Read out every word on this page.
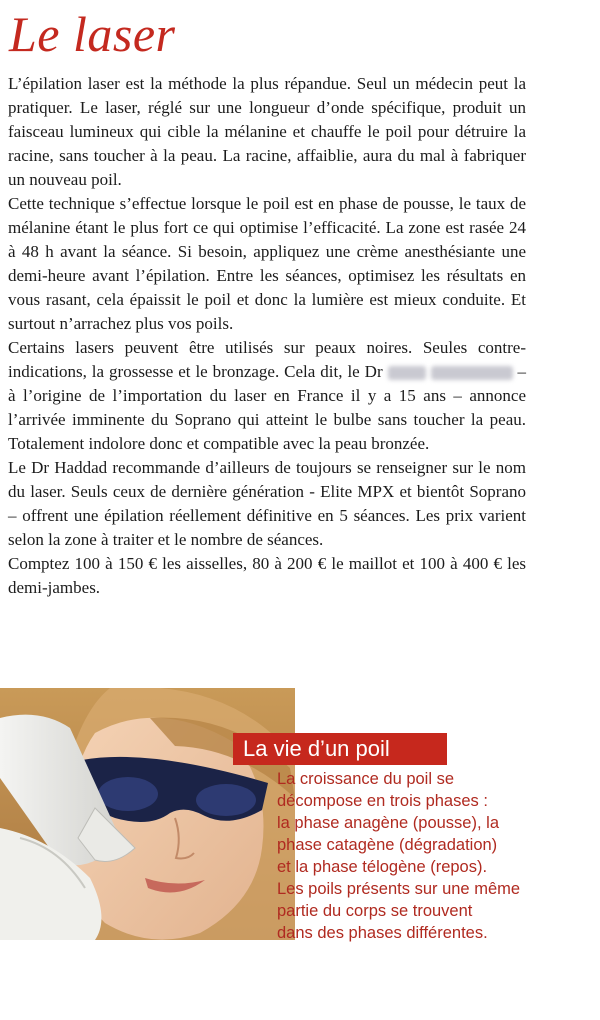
Le laser

L’épilation laser est la méthode la plus répandue. Seul un médecin peut la pratiquer. Le laser, réglé sur une longueur d’onde spécifique, produit un faisceau lumineux qui cible la mélanine et chauffe le poil pour détruire la racine, sans toucher à la peau. La racine, affaiblie, aura du mal à fabriquer un nouveau poil.

Cette technique s’effectue lorsque le poil est en phase de pousse, le taux de mélanine étant le plus fort ce qui optimise l’efficacité. La zone est rasée 24 à 48 h avant la séance. Si besoin, appliquez une crème anesthésiante une demi-heure avant l’épilation. Entre les séances, optimisez les résultats en vous rasant, cela épaissit le poil et donc la lumière est mieux conduite. Et surtout n’arrachez plus vos poils.

Certains lasers peuvent être utilisés sur peaux noires. Seules contre-indications, la grossesse et le bronzage. Cela dit, le Dr	– à l’origine de l’importation du laser en France il y a 15 ans – annonce l’arrivée imminente du Soprano qui atteint le bulbe sans toucher la peau. Totalement indolore donc et compatible avec la peau bronzée.

Le Dr Haddad recommande d’ailleurs de toujours se renseigner sur le nom du laser. Seuls ceux de dernière génération - Elite MPX et bientôt Soprano – offrent une épilation réellement définitive en 5 séances. Les prix varient selon la zone à traiter et le nombre de séances.

Comptez 100 à 150 € les aisselles, 80 à 200 € le maillot et 100 à 400 € les demi-jambes.

La vie d’un poil
La croissance du poil se
décompose en trois phases :
la phase anagène (pousse), la
phase catagène (dégradation)
et la phase télogène (repos).
Les poils présents sur une même
partie du corps se trouvent
dans des phases différentes.
